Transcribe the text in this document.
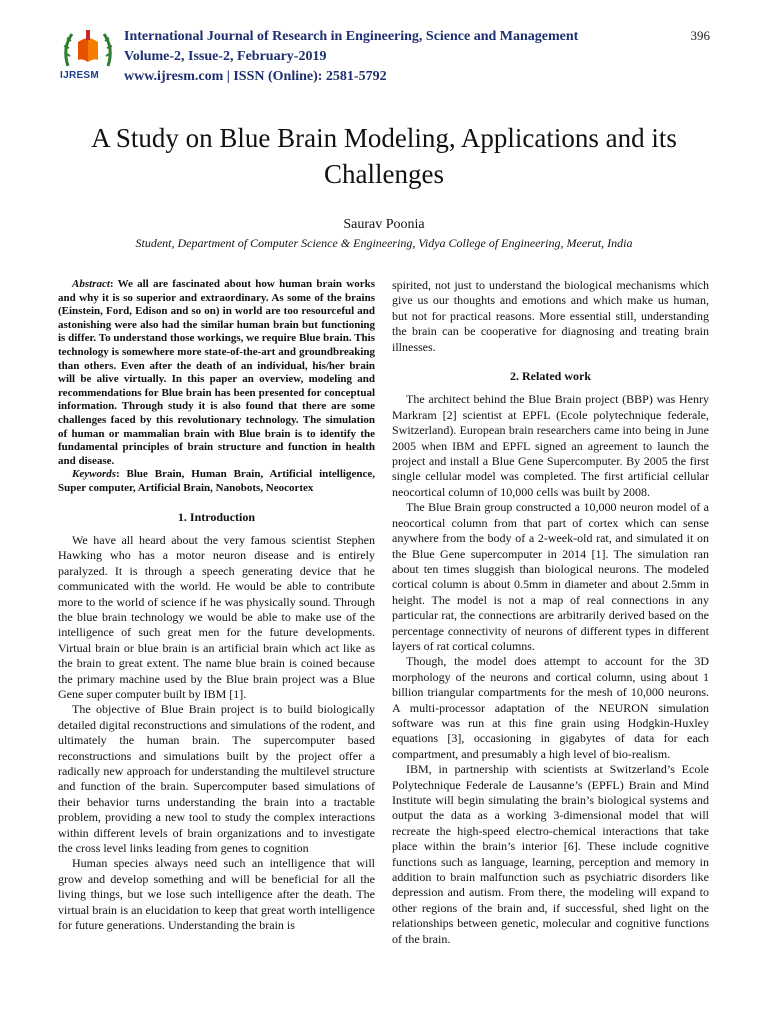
IJRESM
International Journal of Research in Engineering, Science and Management
Volume-2, Issue-2, February-2019
www.ijresm.com | ISSN (Online): 2581-5792
396
A Study on Blue Brain Modeling, Applications and its Challenges
Saurav Poonia
Student, Department of Computer Science & Engineering, Vidya College of Engineering, Meerut, India

Abstract: We all are fascinated about how human brain works and why it is so superior and extraordinary. As some of the brains (Einstein, Ford, Edison and so on) in world are too resourceful and astonishing were also had the similar human brain but functioning is differ. To understand those workings, we require Blue brain. This technology is somewhere more state-of-the-art and groundbreaking than others. Even after the death of an individual, his/her brain will be alive virtually. In this paper an overview, modeling and recommendations for Blue brain has been presented for conceptual information. Through study it is also found that there are some challenges faced by this revolutionary technology. The simulation of human or mammalian brain with Blue brain is to identify the fundamental principles of brain structure and function in health and disease.

Keywords: Blue Brain, Human Brain, Artificial intelligence, Super computer, Artificial Brain, Nanobots, Neocortex

1. Introduction

We have all heard about the very famous scientist Stephen Hawking who has a motor neuron disease and is entirely paralyzed. It is through a speech generating device that he communicated with the world. He would be able to contribute more to the world of science if he was physically sound. Through the blue brain technology we would be able to make use of the intelligence of such great men for the future developments. Virtual brain or blue brain is an artificial brain which act like as the brain to great extent. The name blue brain is coined because the primary machine used by the Blue brain project was a Blue Gene super computer built by IBM [1].

The objective of Blue Brain project is to build biologically detailed digital reconstructions and simulations of the rodent, and ultimately the human brain. The supercomputer based reconstructions and simulations built by the project offer a radically new approach for understanding the multilevel structure and function of the brain. Supercomputer based simulations of their behavior turns understanding the brain into a tractable problem, providing a new tool to study the complex interactions within different levels of brain organizations and to investigate the cross level links leading from genes to cognition

Human species always need such an intelligence that will grow and develop something and will be beneficial for all the living things, but we lose such intelligence after the death. The virtual brain is an elucidation to keep that great worth intelligence for future generations. Understanding the brain is

spirited, not just to understand the biological mechanisms which give us our thoughts and emotions and which make us human, but not for practical reasons. More essential still, understanding the brain can be cooperative for diagnosing and treating brain illnesses.

2. Related work

The architect behind the Blue Brain project (BBP) was Henry Markram [2] scientist at EPFL (Ecole polytechnique federale, Switzerland). European brain researchers came into being in June 2005 when IBM and EPFL signed an agreement to launch the project and install a Blue Gene Supercomputer. By 2005 the first single cellular model was completed. The first artificial cellular neocortical column of 10,000 cells was built by 2008.

The Blue Brain group constructed a 10,000 neuron model of a neocortical column from that part of cortex which can sense anywhere from the body of a 2-week-old rat, and simulated it on the Blue Gene supercomputer in 2014 [1]. The simulation ran about ten times sluggish than biological neurons. The modeled cortical column is about 0.5mm in diameter and about 2.5mm in height. The model is not a map of real connections in any particular rat, the connections are arbitrarily derived based on the percentage connectivity of neurons of different types in different layers of rat cortical columns.

Though, the model does attempt to account for the 3D morphology of the neurons and cortical column, using about 1 billion triangular compartments for the mesh of 10,000 neurons. A multi-processor adaptation of the NEURON simulation software was run at this fine grain using Hodgkin-Huxley equations [3], occasioning in gigabytes of data for each compartment, and presumably a high level of bio-realism.

IBM, in partnership with scientists at Switzerland’s Ecole Polytechnique Federale de Lausanne’s (EPFL) Brain and Mind Institute will begin simulating the brain’s biological systems and output the data as a working 3-dimensional model that will recreate the high-speed electro-chemical interactions that take place within the brain’s interior [6]. These include cognitive functions such as language, learning, perception and memory in addition to brain malfunction such as psychiatric disorders like depression and autism. From there, the modeling will expand to other regions of the brain and, if successful, shed light on the relationships between genetic, molecular and cognitive functions of the brain.
